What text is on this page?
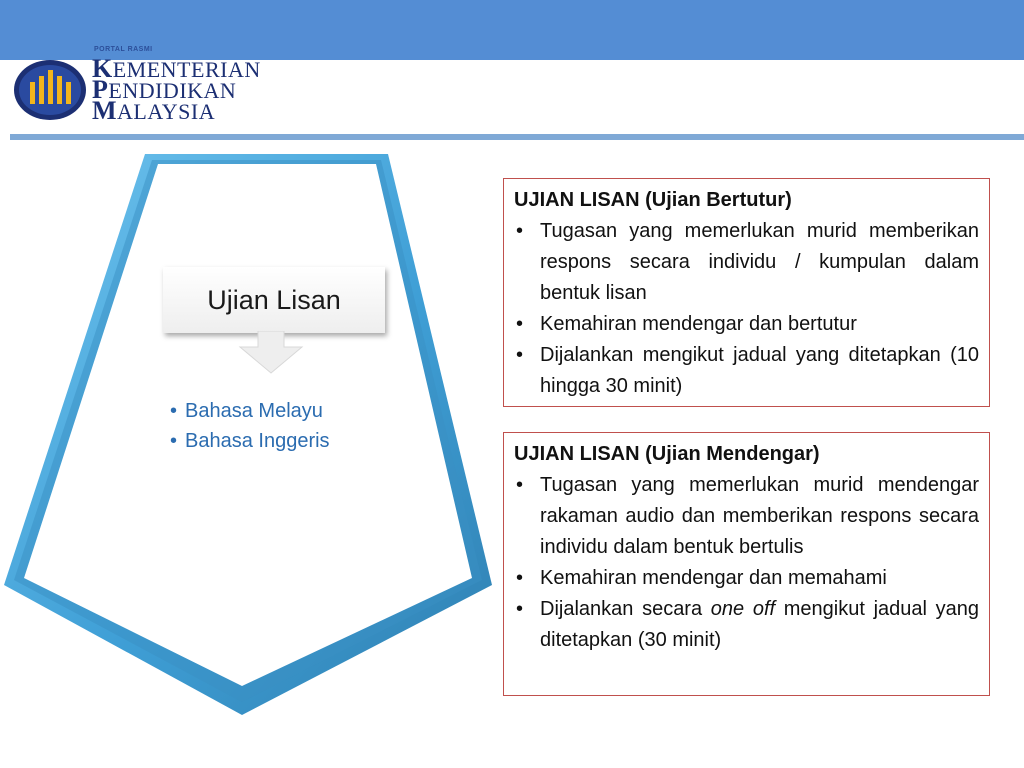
PORTAL RASMI
KEMENTERIAN
PENDIDIKAN
MALAYSIA
Ujian Lisan
• Bahasa Melayu
• Bahasa Inggeris
UJIAN LISAN (Ujian Bertutur)
• Tugasan yang memerlukan murid memberikan respons secara individu / kumpulan dalam bentuk lisan
• Kemahiran mendengar dan bertutur
• Dijalankan mengikut jadual yang ditetapkan (10 hingga 30 minit)
UJIAN LISAN (Ujian Mendengar)
• Tugasan yang memerlukan murid mendengar rakaman audio dan memberikan respons secara individu dalam bentuk bertulis
• Kemahiran mendengar dan memahami
• Dijalankan secara one off mengikut jadual yang ditetapkan (30 minit)
